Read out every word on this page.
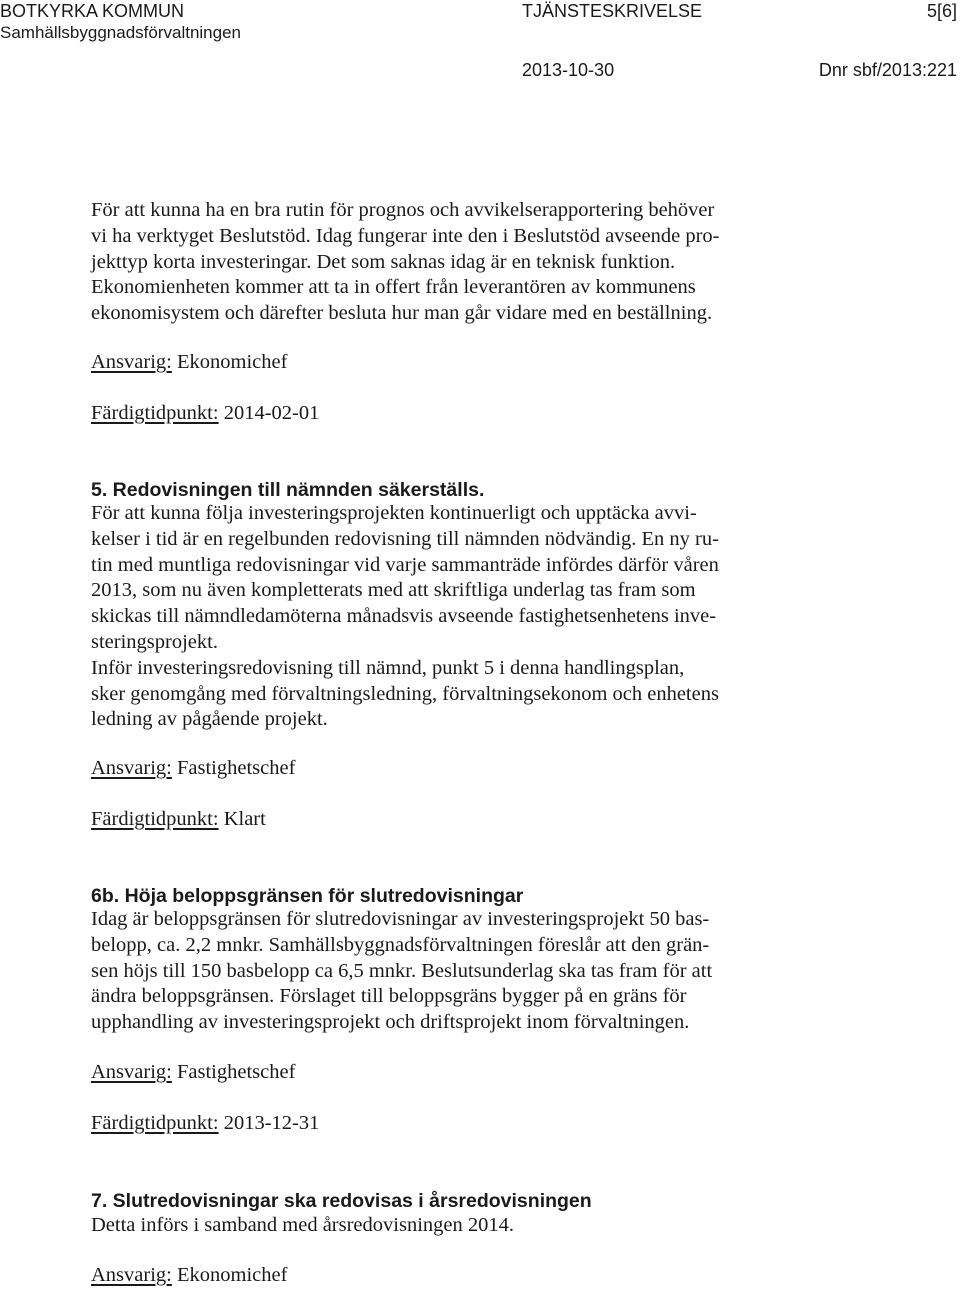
BOTKYRKA KOMMUN	TJÄNSTESKRIVELSE	5[6]
Samhällsbyggnadsförvaltningen
2013-10-30	Dnr sbf/2013:221
För att kunna ha en bra rutin för prognos och avvikelserapportering behöver
vi ha verktyget Beslutstöd. Idag fungerar inte den i Beslutstöd avseende pro-
jekttyp korta investeringar. Det som saknas idag är en teknisk funktion.
Ekonomienheten kommer att ta in offert från leverantören av kommunens
ekonomisystem och därefter besluta hur man går vidare med en beställning.
Ansvarig: Ekonomichef
Färdigtidpunkt: 2014-02-01
5. Redovisningen till nämnden säkerställs.
För att kunna följa investeringsprojekten kontinuerligt och upptäcka avvi-
kelser i tid är en regelbunden redovisning till nämnden nödvändig. En ny ru-
tin med muntliga redovisningar vid varje sammanträde infördes därför våren
2013, som nu även kompletterats med att skriftliga underlag tas fram som
skickas till nämndledamöterna månadsvis avseende fastighetsenhetens inve-
steringsprojekt.
Inför investeringsredovisning till nämnd, punkt 5 i denna handlingsplan,
sker genomgång med förvaltningsledning, förvaltningsekonom och enhetens
ledning av pågående projekt.
Ansvarig: Fastighetschef
Färdigtidpunkt: Klart
6b. Höja beloppsgränsen för slutredovisningar
Idag är beloppsgränsen för slutredovisningar av investeringsprojekt 50 bas-
belopp, ca. 2,2 mnkr. Samhällsbyggnadsförvaltningen föreslår att den grän-
sen höjs till 150 basbelopp ca 6,5 mnkr. Beslutsunderlag ska tas fram för att
ändra beloppsgränsen. Förslaget till beloppsgräns bygger på en gräns för
upphandling av investeringsprojekt och driftsprojekt inom förvaltningen.
Ansvarig: Fastighetschef
Färdigtidpunkt: 2013-12-31
7. Slutredovisningar ska redovisas i årsredovisningen
Detta införs i samband med årsredovisningen 2014.
Ansvarig: Ekonomichef
